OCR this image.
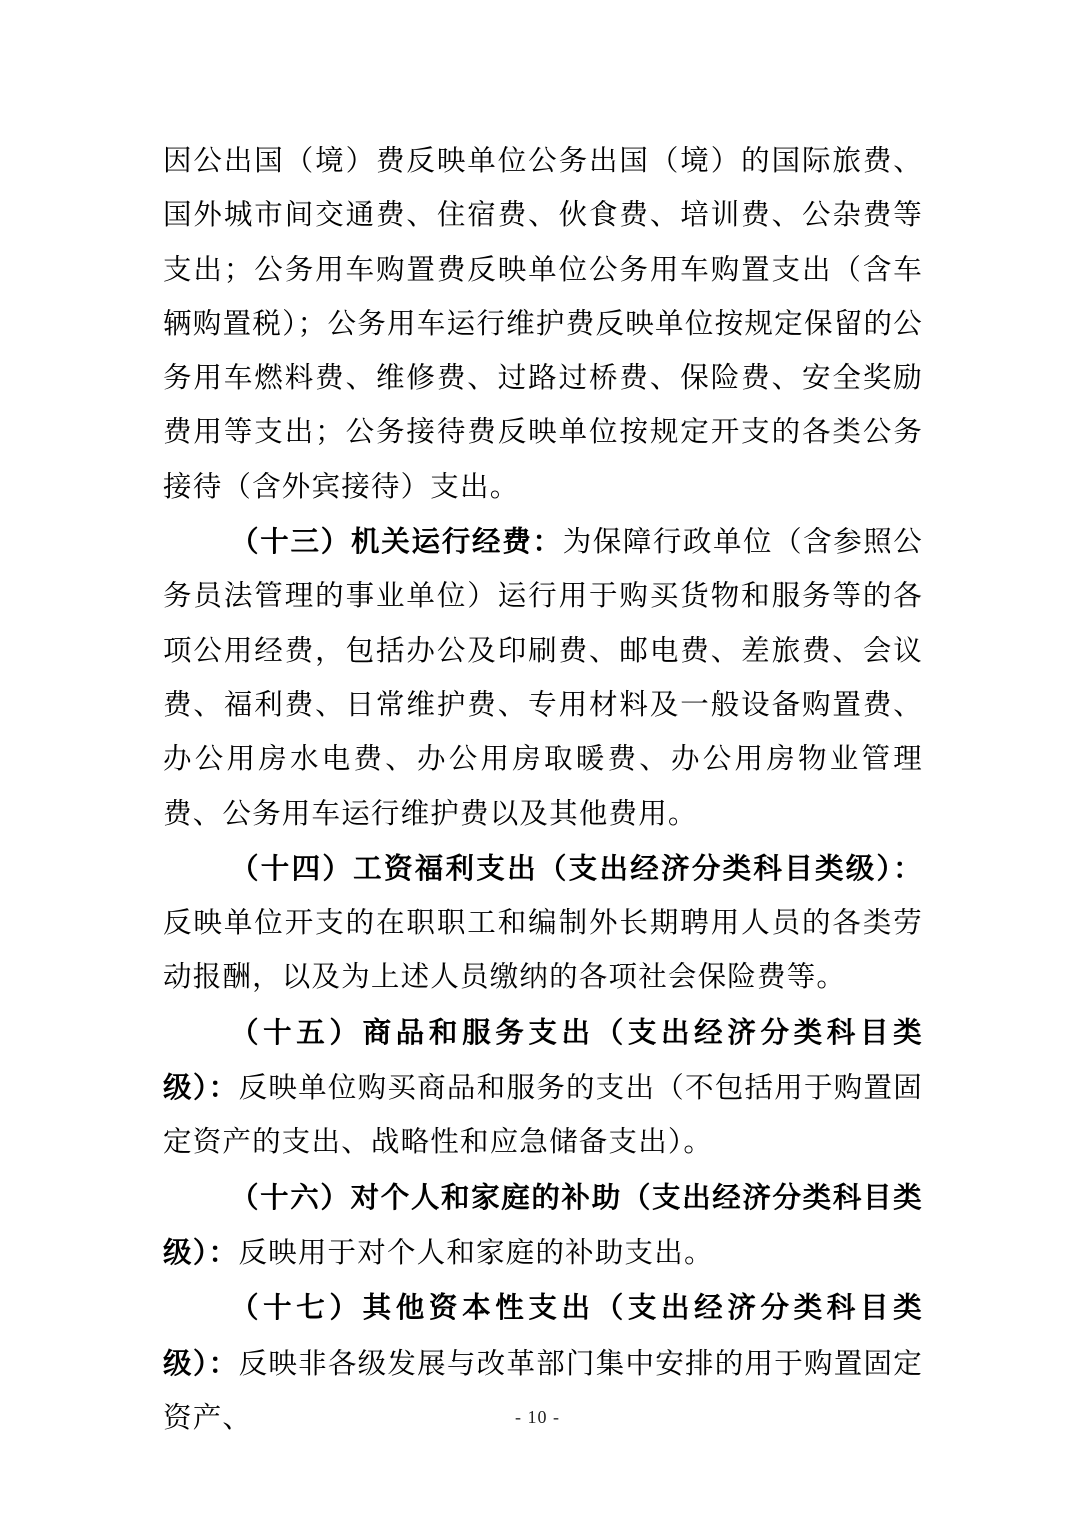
因公出国（境）费反映单位公务出国（境）的国际旅费、国外城市间交通费、住宿费、伙食费、培训费、公杂费等支出；公务用车购置费反映单位公务用车购置支出（含车辆购置税）；公务用车运行维护费反映单位按规定保留的公务用车燃料费、维修费、过路过桥费、保险费、安全奖励费用等支出；公务接待费反映单位按规定开支的各类公务接待（含外宾接待）支出。

（十三）机关运行经费：为保障行政单位（含参照公务员法管理的事业单位）运行用于购买货物和服务等的各项公用经费，包括办公及印刷费、邮电费、差旅费、会议费、福利费、日常维护费、专用材料及一般设备购置费、办公用房水电费、办公用房取暖费、办公用房物业管理费、公务用车运行维护费以及其他费用。

（十四）工资福利支出（支出经济分类科目类级）：反映单位开支的在职职工和编制外长期聘用人员的各类劳动报酬，以及为上述人员缴纳的各项社会保险费等。

（十五）商品和服务支出（支出经济分类科目类级）：反映单位购买商品和服务的支出（不包括用于购置固定资产的支出、战略性和应急储备支出）。

（十六）对个人和家庭的补助（支出经济分类科目类级）：反映用于对个人和家庭的补助支出。

（十七）其他资本性支出（支出经济分类科目类级）：反映非各级发展与改革部门集中安排的用于购置固定资产、	- 10 -
